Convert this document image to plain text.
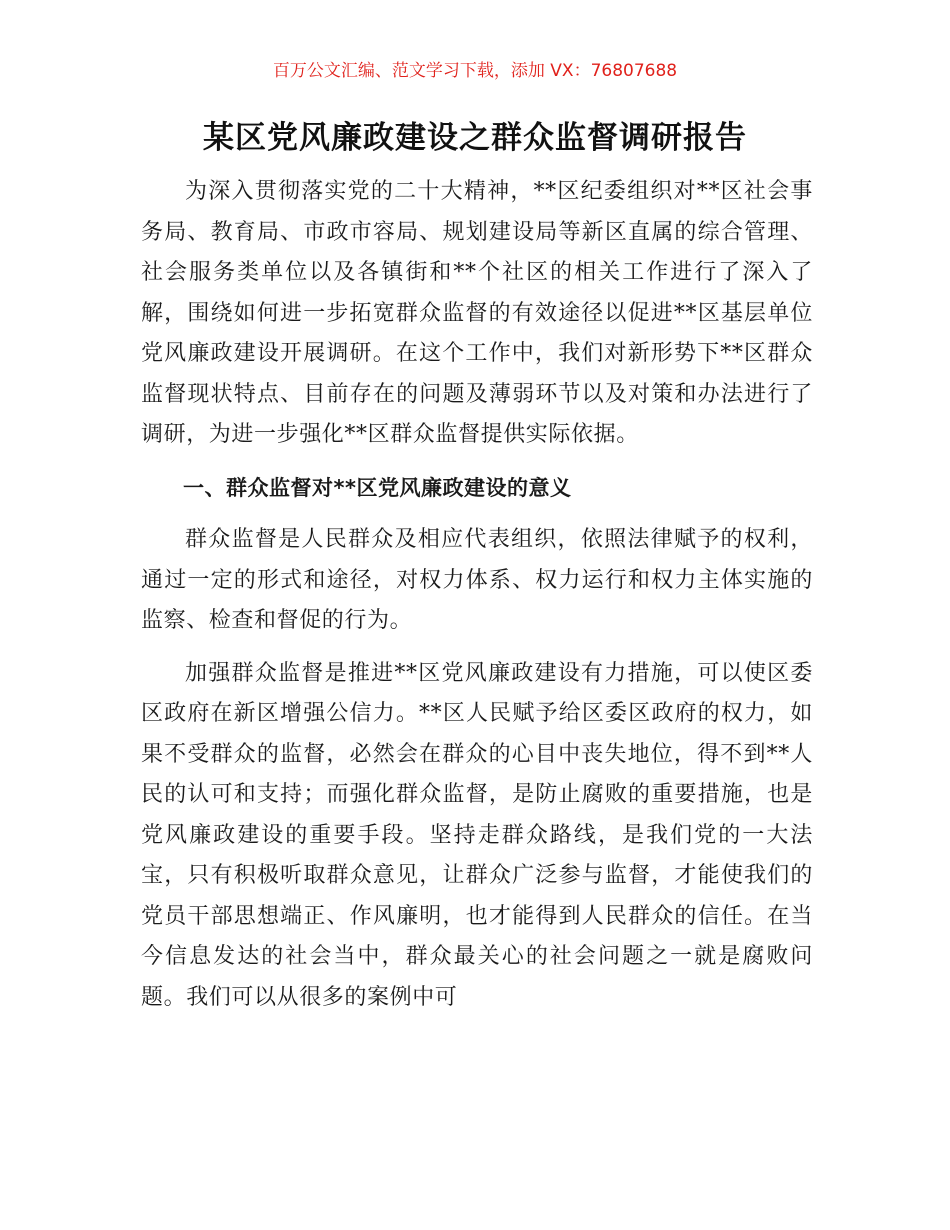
百万公文汇编、范文学习下载，添加 VX：76807688
某区党风廉政建设之群众监督调研报告

为深入贯彻落实党的二十大精神，**区纪委组织对**区社会事务局、教育局、市政市容局、规划建设局等新区直属的综合管理、社会服务类单位以及各镇街和**个社区的相关工作进行了深入了解，围绕如何进一步拓宽群众监督的有效途径以促进**区基层单位党风廉政建设开展调研。在这个工作中，我们对新形势下**区群众监督现状特点、目前存在的问题及薄弱环节以及对策和办法进行了调研，为进一步强化**区群众监督提供实际依据。

一、群众监督对**区党风廉政建设的意义

群众监督是人民群众及相应代表组织，依照法律赋予的权利，通过一定的形式和途径，对权力体系、权力运行和权力主体实施的监察、检查和督促的行为。

加强群众监督是推进**区党风廉政建设有力措施，可以使区委区政府在新区增强公信力。**区人民赋予给区委区政府的权力，如果不受群众的监督，必然会在群众的心目中丧失地位，得不到**人民的认可和支持；而强化群众监督，是防止腐败的重要措施，也是党风廉政建设的重要手段。坚持走群众路线，是我们党的一大法宝，只有积极听取群众意见，让群众广泛参与监督，才能使我们的党员干部思想端正、作风廉明，也才能得到人民群众的信任。在当今信息发达的社会当中，群众最关心的社会问题之一就是腐败问题。我们可以从很多的案例中可
